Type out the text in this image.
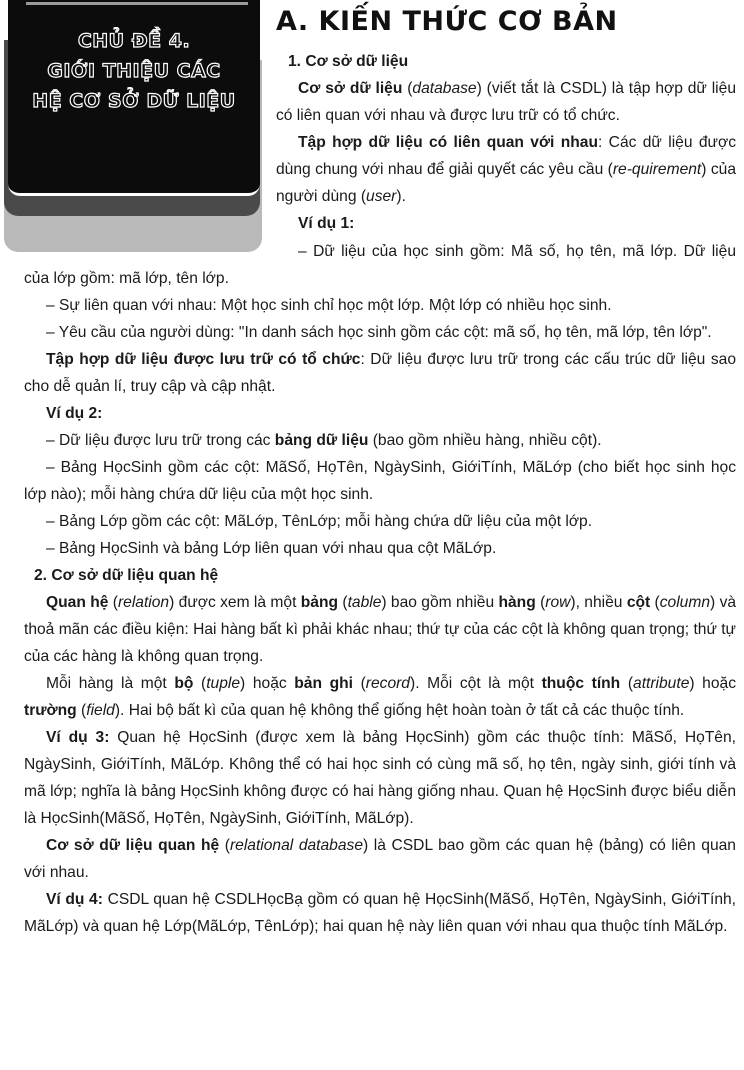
CHỦ ĐỀ 4.
GIỚI THIỆU CÁC
HỆ CƠ SỞ DỮ LIỆU
A. KIẾN THỨC CƠ BẢN

1. Cơ sở dữ liệu

Cơ sở dữ liệu (database) (viết tắt là CSDL) là tập hợp dữ liệu có liên quan với nhau và được lưu trữ có tổ chức.

Tập hợp dữ liệu có liên quan với nhau: Các dữ liệu được dùng chung với nhau để giải quyết các yêu cầu (re-quirement) của người dùng (user).

Ví dụ 1:

– Dữ liệu của học sinh gồm: Mã số, họ tên, mã lớp. Dữ liệu của lớp gồm: mã lớp, tên lớp.

– Sự liên quan với nhau: Một học sinh chỉ học một lớp. Một lớp có nhiều học sinh.

– Yêu cầu của người dùng: "In danh sách học sinh gồm các cột: mã số, họ tên, mã lớp, tên lớp".

Tập hợp dữ liệu được lưu trữ có tổ chức: Dữ liệu được lưu trữ trong các cấu trúc dữ liệu sao cho dễ quản lí, truy cập và cập nhật.

Ví dụ 2:

– Dữ liệu được lưu trữ trong các bảng dữ liệu (bao gồm nhiều hàng, nhiều cột).

– Bảng HọcSinh gồm các cột: MãSố, HọTên, NgàySinh, GiớiTính, MãLớp (cho biết học sinh học lớp nào); mỗi hàng chứa dữ liệu của một học sinh.

– Bảng Lớp gồm các cột: MãLớp, TênLớp; mỗi hàng chứa dữ liệu của một lớp.

– Bảng HọcSinh và bảng Lớp liên quan với nhau qua cột MãLớp.

2. Cơ sở dữ liệu quan hệ

Quan hệ (relation) được xem là một bảng (table) bao gồm nhiều hàng (row), nhiều cột (column) và thoả mãn các điều kiện: Hai hàng bất kì phải khác nhau; thứ tự của các cột là không quan trọng; thứ tự của các hàng là không quan trọng.

Mỗi hàng là một bộ (tuple) hoặc bản ghi (record). Mỗi cột là một thuộc tính (attribute) hoặc trường (field). Hai bộ bất kì của quan hệ không thể giống hệt hoàn toàn ở tất cả các thuộc tính.

Ví dụ 3: Quan hệ HọcSinh (được xem là bảng HọcSinh) gồm các thuộc tính: MãSố, HọTên, NgàySinh, GiớiTính, MãLớp. Không thể có hai học sinh có cùng mã số, họ tên, ngày sinh, giới tính và mã lớp; nghĩa là bảng HọcSinh không được có hai hàng giống nhau. Quan hệ HọcSinh được biểu diễn là HọcSinh(MãSố, HọTên, NgàySinh, GiớiTính, MãLớp).

Cơ sở dữ liệu quan hệ (relational database) là CSDL bao gồm các quan hệ (bảng) có liên quan với nhau.

Ví dụ 4: CSDL quan hệ CSDLHọcBạ gồm có quan hệ HọcSinh(MãSố, HọTên, NgàySinh, GiớiTính, MãLớp) và quan hệ Lớp(MãLớp, TênLớp); hai quan hệ này liên quan với nhau qua thuộc tính MãLớp.
